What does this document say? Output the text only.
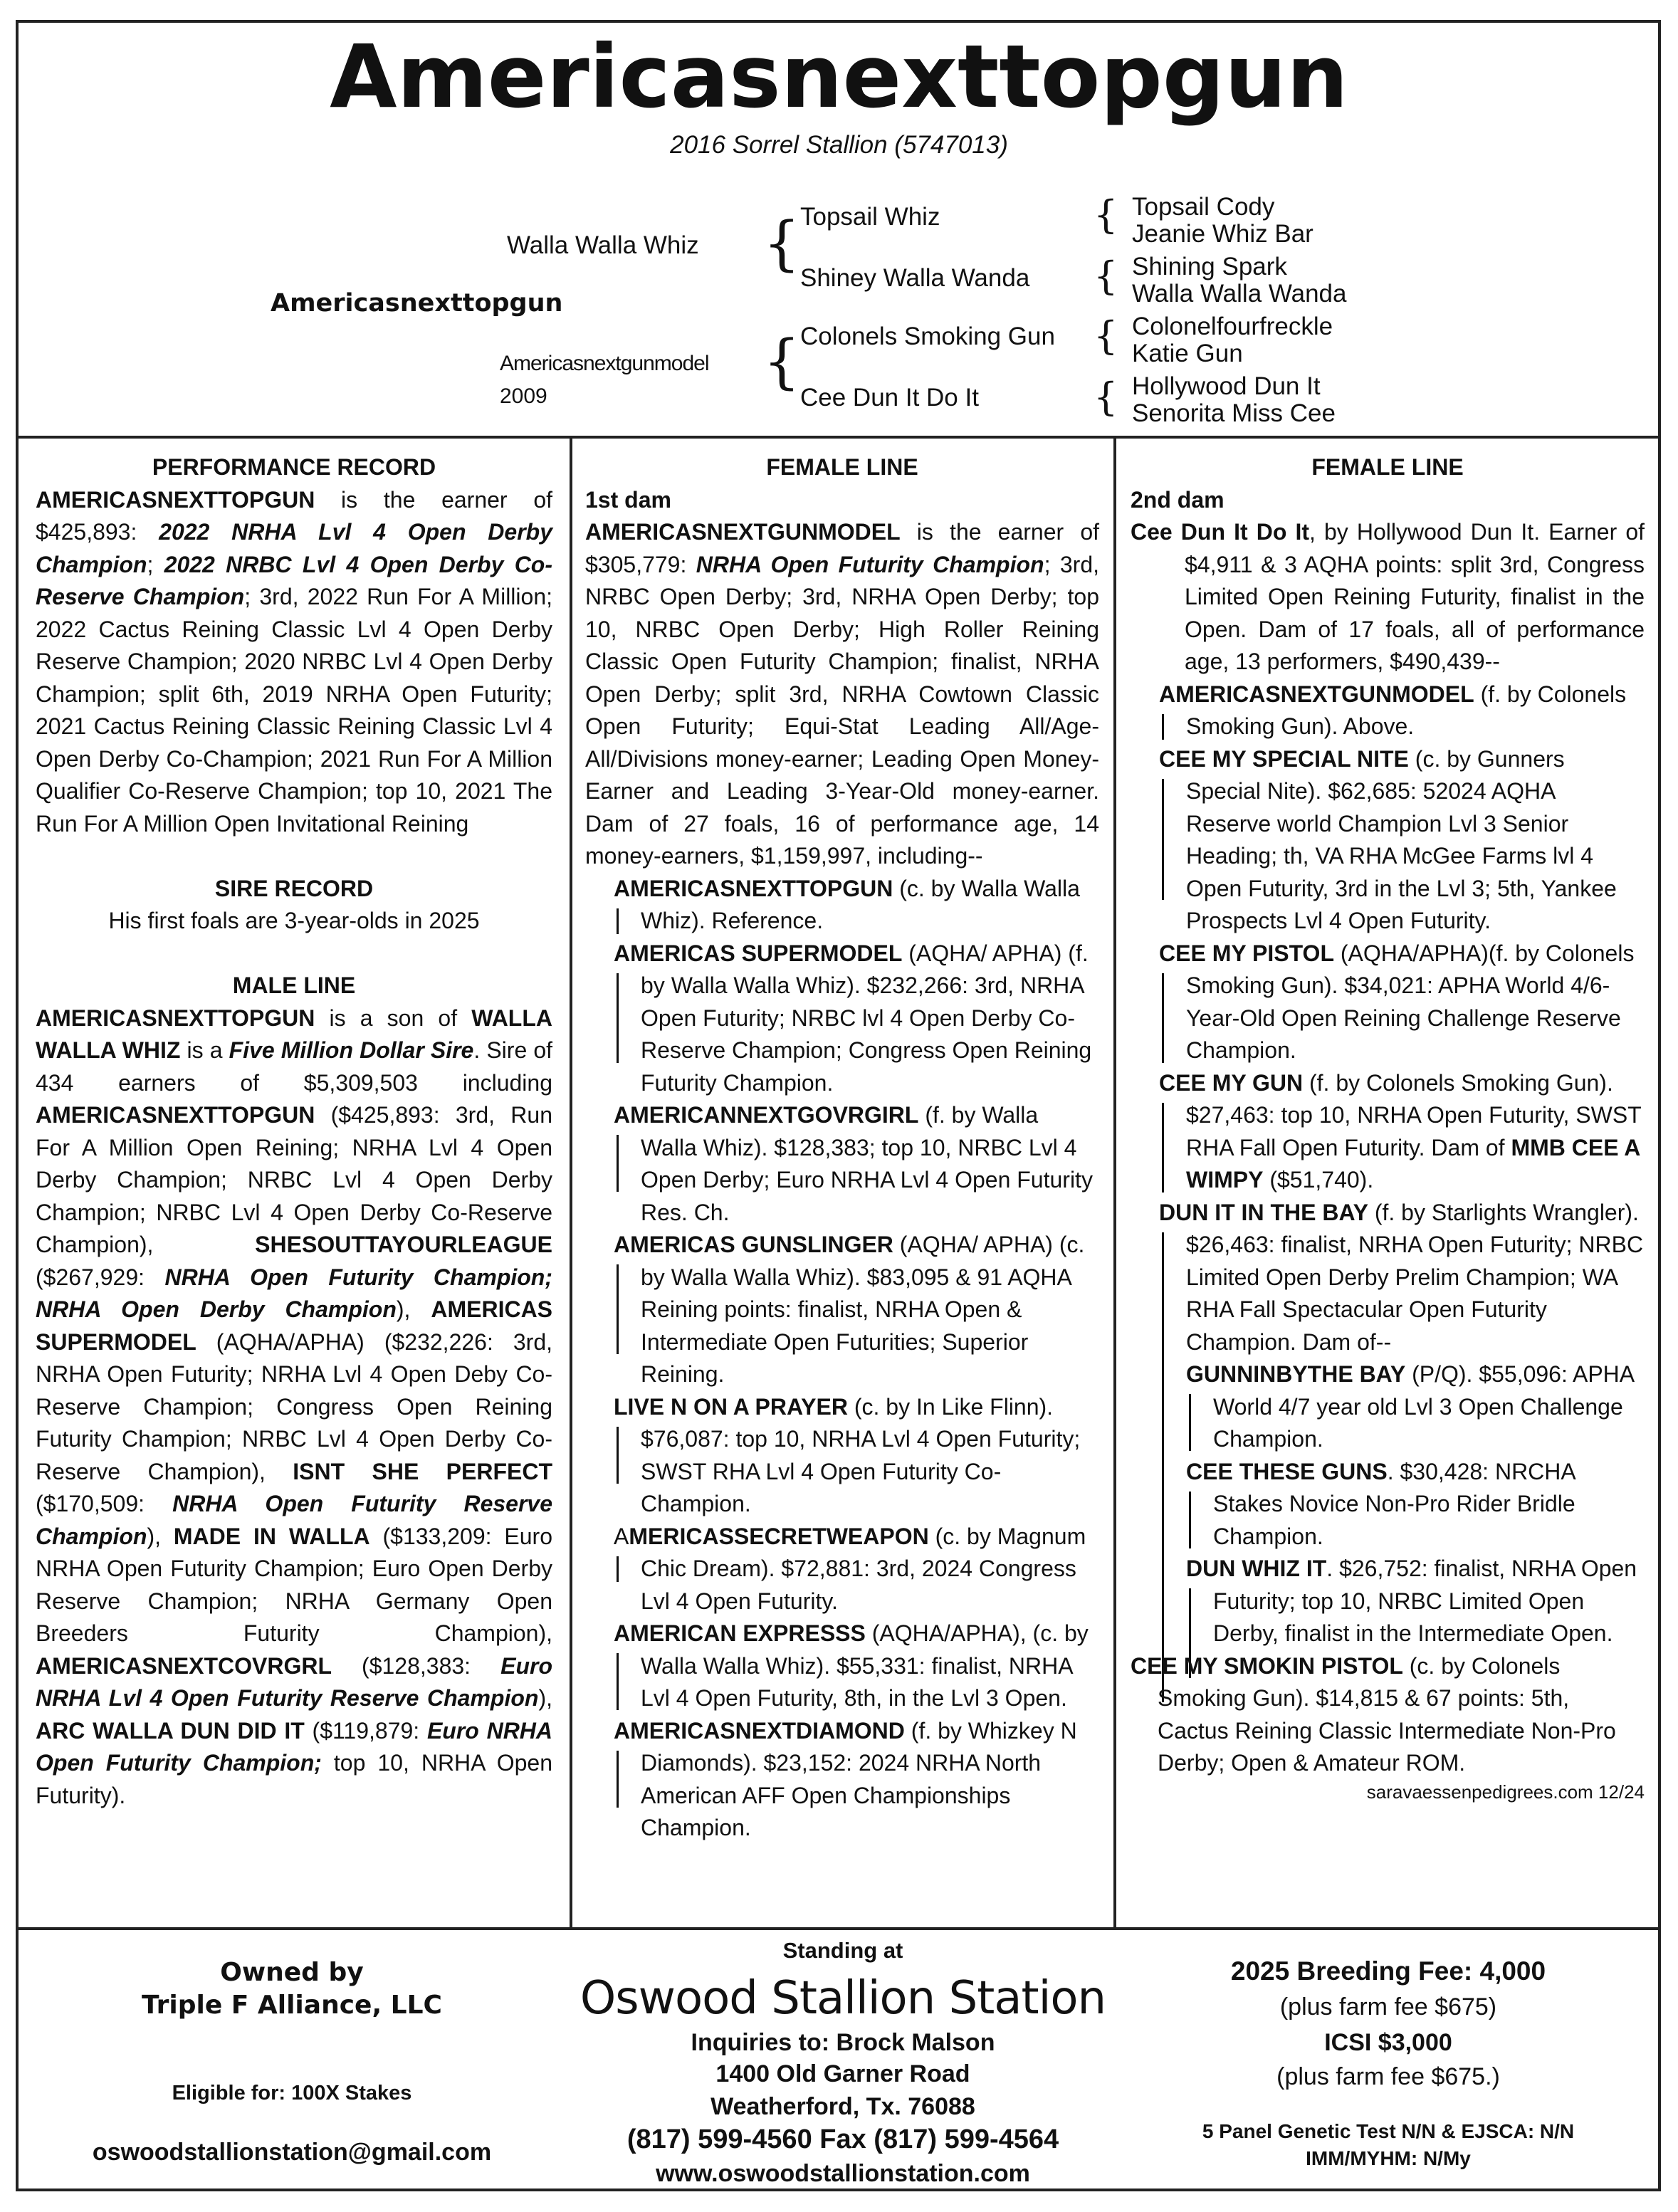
Americasnexttopgun
2016 Sorrel Stallion (5747013)
Americasnexttopgun
Walla Walla Whiz
Americasnextgunmodel
2009
{
{
Topsail Whiz
Shiney Walla Wanda
Colonels Smoking Gun
Cee Dun It Do It
{
{
{
{
Topsail Cody
Jeanie Whiz Bar
Shining Spark
Walla Walla Wanda
Colonelfourfreckle
Katie Gun
Hollywood Dun It
Senorita Miss Cee

PERFORMANCE RECORD

AMERICASNEXTTOPGUN is the earner of $425,893: 2022 NRHA Lvl 4 Open Derby Champion; 2022 NRBC Lvl 4 Open Derby Co-Reserve Champion; 3rd, 2022 Run For A Million; 2022 Cactus Reining Classic Lvl 4 Open Derby Reserve Champion; 2020 NRBC Lvl 4 Open Derby Champion; split 6th, 2019 NRHA Open Futurity; 2021 Cactus Reining Classic Reining Classic Lvl 4 Open Derby Co-Champion; 2021 Run For A Million Qualifier Co-Reserve Champion; top 10, 2021 The Run For A Million Open Invitational Reining

SIRE RECORD

His first foals are 3-year-olds in 2025

MALE LINE

AMERICASNEXTTOPGUN is a son of WALLA WALLA WHIZ is a Five Million Dollar Sire. Sire of 434 earners of $5,309,503 including AMERICASNEXTTOPGUN ($425,893: 3rd, Run For A Million Open Reining; NRHA Lvl 4 Open Derby Champion; NRBC Lvl 4 Open Derby Champion; NRBC Lvl 4 Open Derby Co-Reserve Champion), SHESOUTTAYOURLEAGUE ($267,929: NRHA Open Futurity Champion; NRHA Open Derby Champion), AMERICAS SUPERMODEL (AQHA/APHA) ($232,226: 3rd, NRHA Open Futurity; NRHA Lvl 4 Open Deby Co-Reserve Champion; Congress Open Reining Futurity Champion; NRBC Lvl 4 Open Derby Co-Reserve Champion), ISNT SHE PERFECT ($170,509: NRHA Open Futurity Reserve Champion), MADE IN WALLA ($133,209: Euro NRHA Open Futurity Champion; Euro Open Derby Reserve Champion; NRHA Germany Open Breeders Futurity Champion), AMERICASNEXTCOVRGRL ($128,383: Euro NRHA Lvl 4 Open Futurity Reserve Champion), ARC WALLA DUN DID IT ($119,879: Euro NRHA Open Futurity Champion; top 10, NRHA Open Futurity).

FEMALE LINE

1st dam

AMERICASNEXTGUNMODEL is the earner of $305,779: NRHA Open Futurity Champion; 3rd, NRBC Open Derby; 3rd, NRHA Open Derby; top 10, NRBC Open Derby; High Roller Reining Classic Open Futurity Champion; finalist, NRHA Open Derby; split 3rd, NRHA Cowtown Classic Open Futurity; Equi-Stat Leading All/Age-All/Divisions money-earner; Leading Open Money-Earner and Leading 3-Year-Old money-earner. Dam of 27 foals, 16 of performance age, 14 money-earners, $1,159,997, including--

AMERICASNEXTTOPGUN (c. by Walla Walla Whiz). Reference.

AMERICAS SUPERMODEL (AQHA/ APHA) (f. by Walla Walla Whiz). $232,266: 3rd, NRHA Open Futurity; NRBC lvl 4 Open Derby Co-Reserve Champion; Congress Open Reining Futurity Champion.

AMERICANNEXTGOVRGIRL (f. by Walla Walla Whiz). $128,383; top 10, NRBC Lvl 4 Open Derby; Euro NRHA Lvl 4 Open Futurity Res. Ch.

AMERICAS GUNSLINGER (AQHA/ APHA) (c. by Walla Walla Whiz). $83,095 & 91 AQHA Reining points: finalist, NRHA Open & Intermediate Open Futurities; Superior Reining.

LIVE N ON A PRAYER (c. by In Like Flinn). $76,087: top 10, NRHA Lvl 4 Open Futurity; SWST RHA Lvl 4 Open Futurity Co-Champion.

AMERICASSECRETWEAPON (c. by Magnum Chic Dream). $72,881: 3rd, 2024 Congress Lvl 4 Open Futurity.

AMERICAN EXPRESSS (AQHA/APHA), (c. by Walla Walla Whiz). $55,331: finalist, NRHA Lvl 4 Open Futurity, 8th, in the Lvl 3 Open.

AMERICASNEXTDIAMOND (f. by Whizkey N Diamonds). $23,152: 2024 NRHA North American AFF Open Championships Champion.

FEMALE LINE

2nd dam

Cee Dun It Do It, by Hollywood Dun It. Earner of $4,911 & 3 AQHA points: split 3rd, Congress Limited Open Reining Futurity, finalist in the Open. Dam of 17 foals, all of performance age, 13 performers, $490,439--

AMERICASNEXTGUNMODEL (f. by Colonels Smoking Gun). Above.

CEE MY SPECIAL NITE (c. by Gunners Special Nite). $62,685: 52024 AQHA Reserve world Champion Lvl 3 Senior Heading; th, VA RHA McGee Farms lvl 4 Open Futurity, 3rd in the Lvl 3; 5th, Yankee Prospects Lvl 4 Open Futurity.

CEE MY PISTOL (AQHA/APHA)(f. by Colonels Smoking Gun). $34,021: APHA World 4/6-Year-Old Open Reining Challenge Reserve Champion.

CEE MY GUN (f. by Colonels Smoking Gun). $27,463: top 10, NRHA Open Futurity, SWST RHA Fall Open Futurity. Dam of MMB CEE A WIMPY ($51,740).

DUN IT IN THE BAY (f. by Starlights Wrangler). $26,463: finalist, NRHA Open Futurity; NRBC Limited Open Derby Prelim Champion; WA RHA Fall Spectacular Open Futurity Champion. Dam of--

GUNNINBYTHE BAY (P/Q). $55,096: APHA World 4/7 year old Lvl 3 Open Challenge Champion.

CEE THESE GUNS. $30,428: NRCHA Stakes Novice Non-Pro Rider Bridle Champion.

DUN WHIZ IT. $26,752: finalist, NRHA Open Futurity; top 10, NRBC Limited Open Derby, finalist in the Intermediate Open.

CEE MY SMOKIN PISTOL (c. by Colonels Smoking Gun). $14,815 & 67 points: 5th, Cactus Reining Classic Intermediate Non-Pro Derby; Open & Amateur ROM.

saravaessenpedigrees.com 12/24

Owned by
Triple F Alliance, LLC
Eligible for: 100X Stakes
oswoodstallionstation@gmail.com
Standing at
Oswood Stallion Station
Inquiries to: Brock Malson
1400 Old Garner Road
Weatherford, Tx. 76088
(817) 599-4560 Fax (817) 599-4564
www.oswoodstallionstation.com
2025 Breeding Fee: 4,000
(plus farm fee $675)
ICSI $3,000
(plus farm fee $675.)
5 Panel Genetic Test N/N & EJSCA: N/N
IMM/MYHM: N/My
